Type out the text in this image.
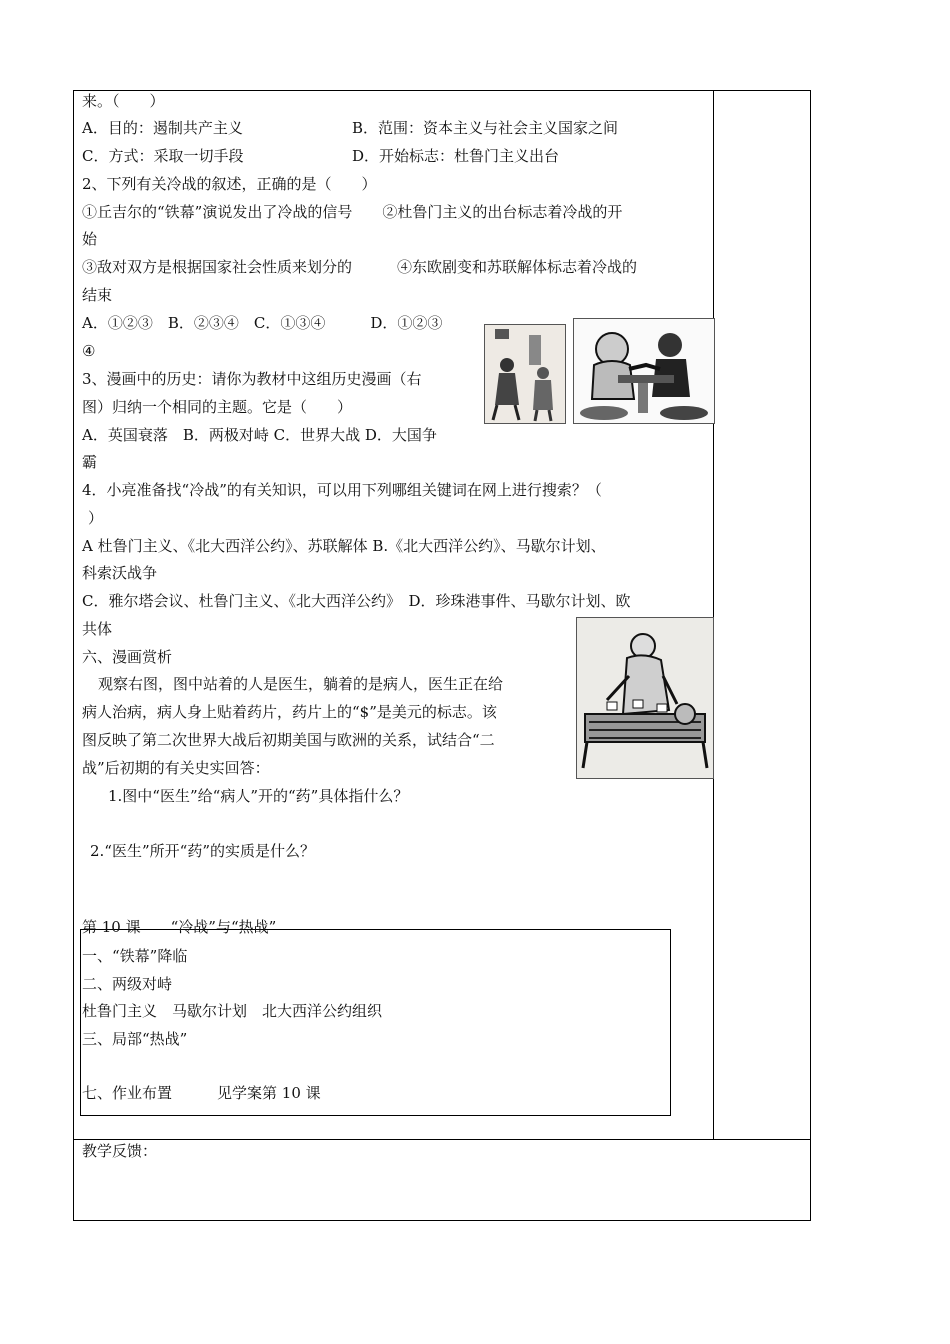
来。（　　）
A．目的：遏制共产主义	B．范围：资本主义与社会主义国家之间
C．方式：采取一切手段	D．开始标志：杜鲁门主义出台
2、下列有关冷战的叙述，正确的是（　　）
①丘吉尔的“铁幕”演说发出了冷战的信号　　②杜鲁门主义的出台标志着冷战的开
始
③敌对双方是根据国家社会性质来划分的　　　④东欧剧变和苏联解体标志着冷战的
结束
A．①②③　B．②③④　C．①③④　　　D．①②③
④
3、漫画中的历史：请你为教材中这组历史漫画（右
图）归纳一个相同的主题。它是（　　）
A．英国衰落　B．两极对峙 C．世界大战 D．大国争
霸
4．小亮准备找“冷战”的有关知识，可以用下列哪组关键词在网上进行搜索？（
）
A 杜鲁门主义、《北大西洋公约》、苏联解体 B.《北大西洋公约》、马歇尔计划、
科索沃战争
C．雅尔塔会议、杜鲁门主义、《北大西洋公约》　D．珍珠港事件、马歇尔计划、欧
共体
六、漫画赏析
观察右图，图中站着的人是医生，躺着的是病人，医生正在给
病人治病，病人身上贴着药片，药片上的“$”是美元的标志。该
图反映了第二次世界大战后初期美国与欧洲的关系，试结合“二
战”后初期的有关史实回答：
1.图中“医生”给“病人”开的“药”具体指什么？
2.“医生”所开“药”的实质是什么？
第 10 课　　“冷战”与“热战”
一、“铁幕”降临
二、两级对峙
杜鲁门主义　马歇尔计划　北大西洋公约组织
三、局部“热战”
七、作业布置　　　见学案第 10 课
教学反馈：
